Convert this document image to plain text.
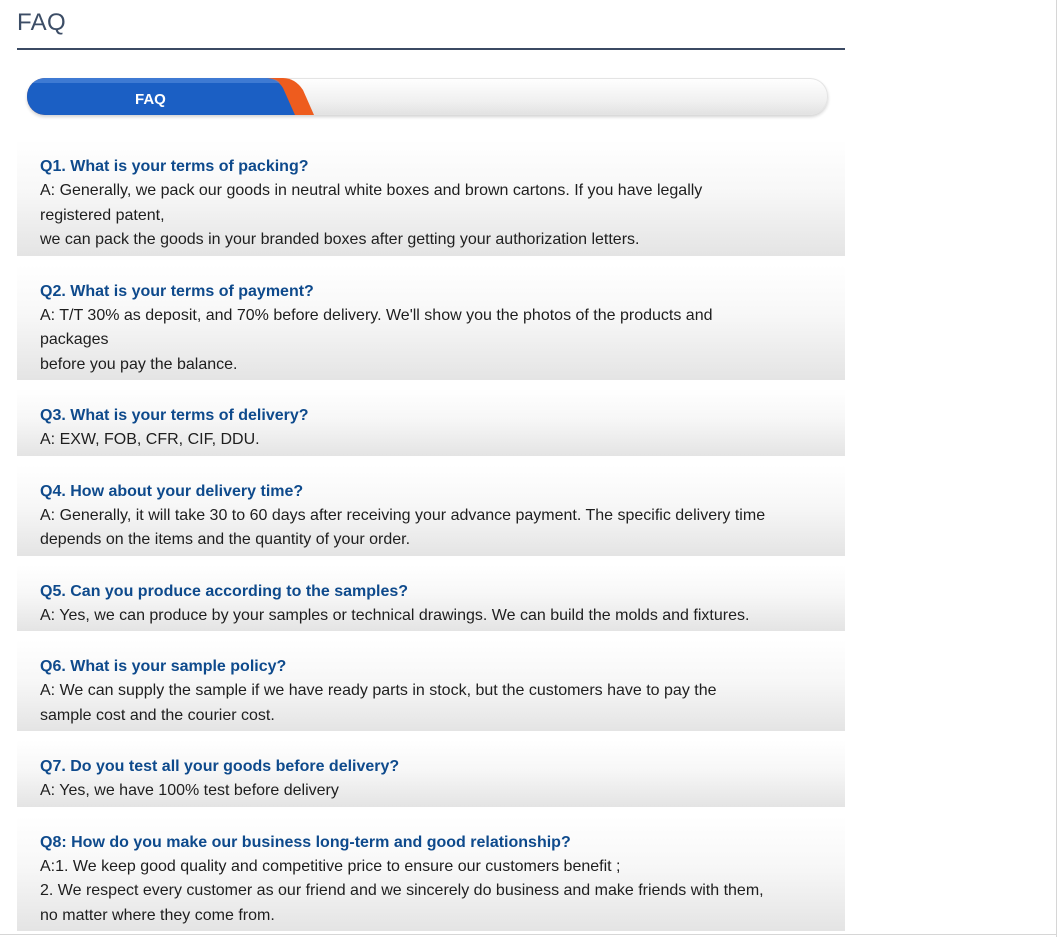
FAQ
FAQ
Q1. What is your terms of packing?
A: Generally, we pack our goods in neutral white boxes and brown cartons. If you have legally
registered patent,
we can pack the goods in your branded boxes after getting your authorization letters.
Q2. What is your terms of payment?
A: T/T 30% as deposit, and 70% before delivery. We'll show you the photos of the products and
packages
before you pay the balance.
Q3. What is your terms of delivery?
A: EXW, FOB, CFR, CIF, DDU.
Q4. How about your delivery time?
A: Generally, it will take 30 to 60 days after receiving your advance payment. The specific delivery time
depends on the items and the quantity of your order.
Q5. Can you produce according to the samples?
A: Yes, we can produce by your samples or technical drawings. We can build the molds and fixtures.
Q6. What is your sample policy?
A: We can supply the sample if we have ready parts in stock, but the customers have to pay the
sample cost and the courier cost.
Q7. Do you test all your goods before delivery?
A: Yes, we have 100% test before delivery
Q8: How do you make our business long-term and good relationship?
A:1. We keep good quality and competitive price to ensure our customers benefit ;
2. We respect every customer as our friend and we sincerely do business and make friends with them,
no matter where they come from.
